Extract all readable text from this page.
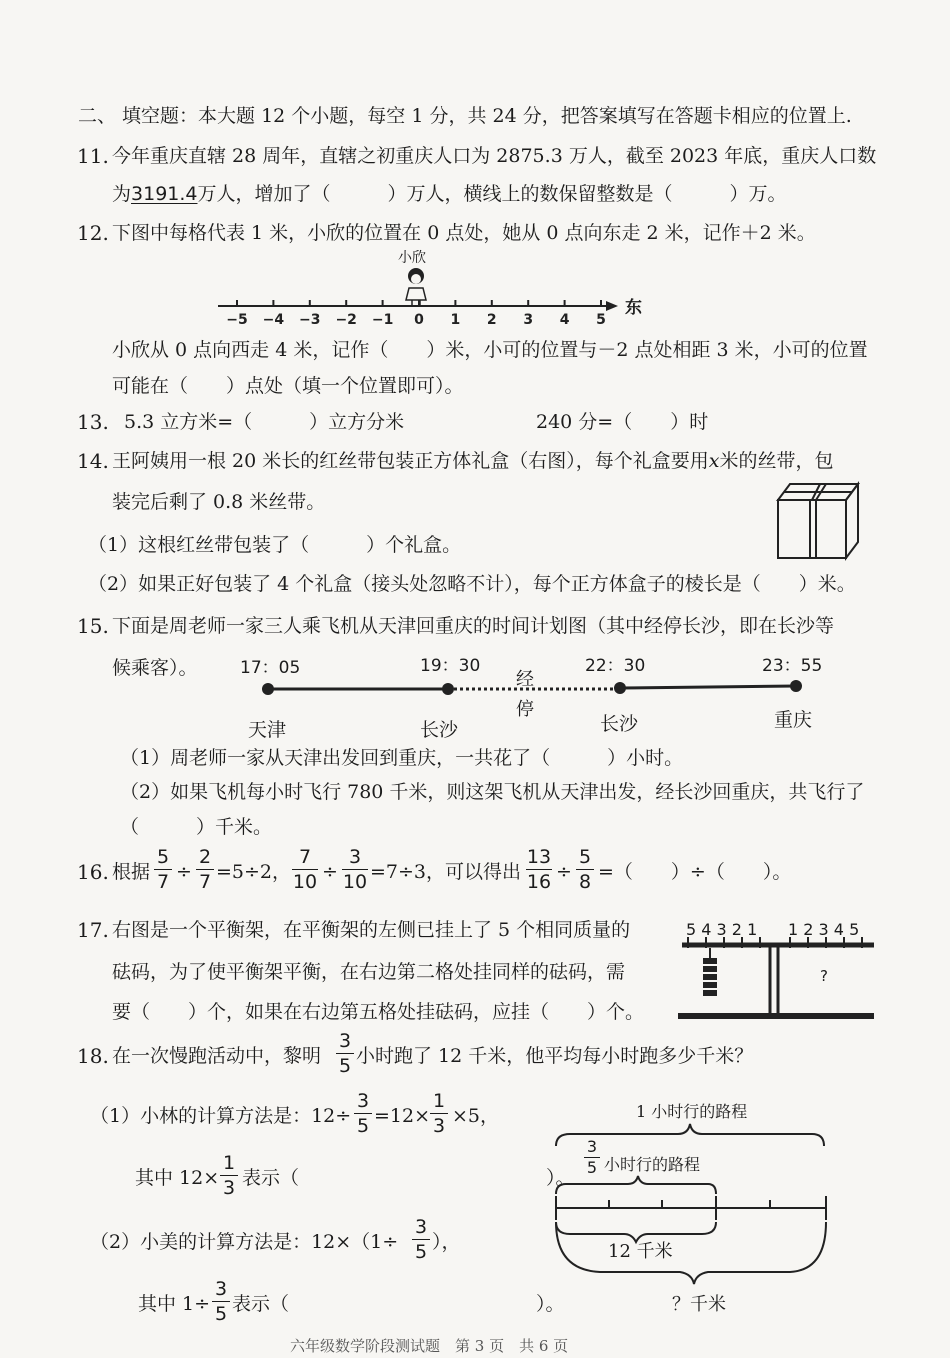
二、 填空题：本大题 12 个小题，每空 1 分，共 24 分，把答案填写在答题卡相应的位置上.
11. 今年重庆直辖 28 周年，直辖之初重庆人口为 2875.3 万人，截至 2023 年底，重庆人口数
为3191.4万人，增加了（　　　）万人，横线上的数保留整数是（　　　）万。
12. 下图中每格代表 1 米，小欣的位置在 0 点处，她从 0 点向东走 2 米，记作＋2 米。
小欣
−5 −4 −3 −2 −1 0 1 2 3 4 5
东
小欣从 0 点向西走 4 米，记作（　　）米，小可的位置与－2 点处相距 3 米，小可的位置
可能在（　　）点处（填一个位置即可）。
13. 5.3 立方米=（　　　）立方分米	240 分=（　　）时
14. 王阿姨用一根 20 米长的红丝带包装正方体礼盒（右图），每个礼盒要用x米的丝带，包
装完后剩了 0.8 米丝带。
（1）这根红丝带包装了（　　　）个礼盒。
（2）如果正好包装了 4 个礼盒（接头处忽略不计），每个正方体盒子的棱长是（　　）米。
15. 下面是周老师一家三人乘飞机从天津回重庆的时间计划图（其中经停长沙，即在长沙等
候乘客）。 17：05	19：30	22：30	23：55
经
停
天津	长沙	长沙	重庆
（1）周老师一家从天津出发回到重庆，一共花了（　　　）小时。
（2）如果飞机每小时飞行 780 千米，则这架飞机从天津出发，经长沙回重庆，共飞行了
（　　　）千米。
16. 根据
5
7 ÷
2
7 =5÷2，
7
10 ÷
3
10 =7÷3，可以得出
13
16 ÷
5
8 =（　　）÷（　　）。
17. 右图是一个平衡架，在平衡架的左侧已挂上了 5 个相同质量的
砝码，为了使平衡架平衡，在右边第二格处挂同样的砝码，需
要（　　）个，如果在右边第五格处挂砝码，应挂（　　）个。
5 4 3 2 1 1 2 3 4 5
?
18. 在一次慢跑活动中，黎明
3
5 小时跑了 12 千米，他平均每小时跑多少千米？
（1）小林的计算方法是：12÷
3
5 =12×
1
3 ×5，
其中 12×
1
3 表示（　　　　　　　　　　　　　）。
（2）小美的计算方法是：12×（1÷
3
5 ），
其中 1÷
3
5 表示（　　　　　　　　　　　　　）。
1 小时行的路程
3
5 小时行的路程
12 千米
？千米
六年级数学阶段测试题　第 3 页　共 6 页
